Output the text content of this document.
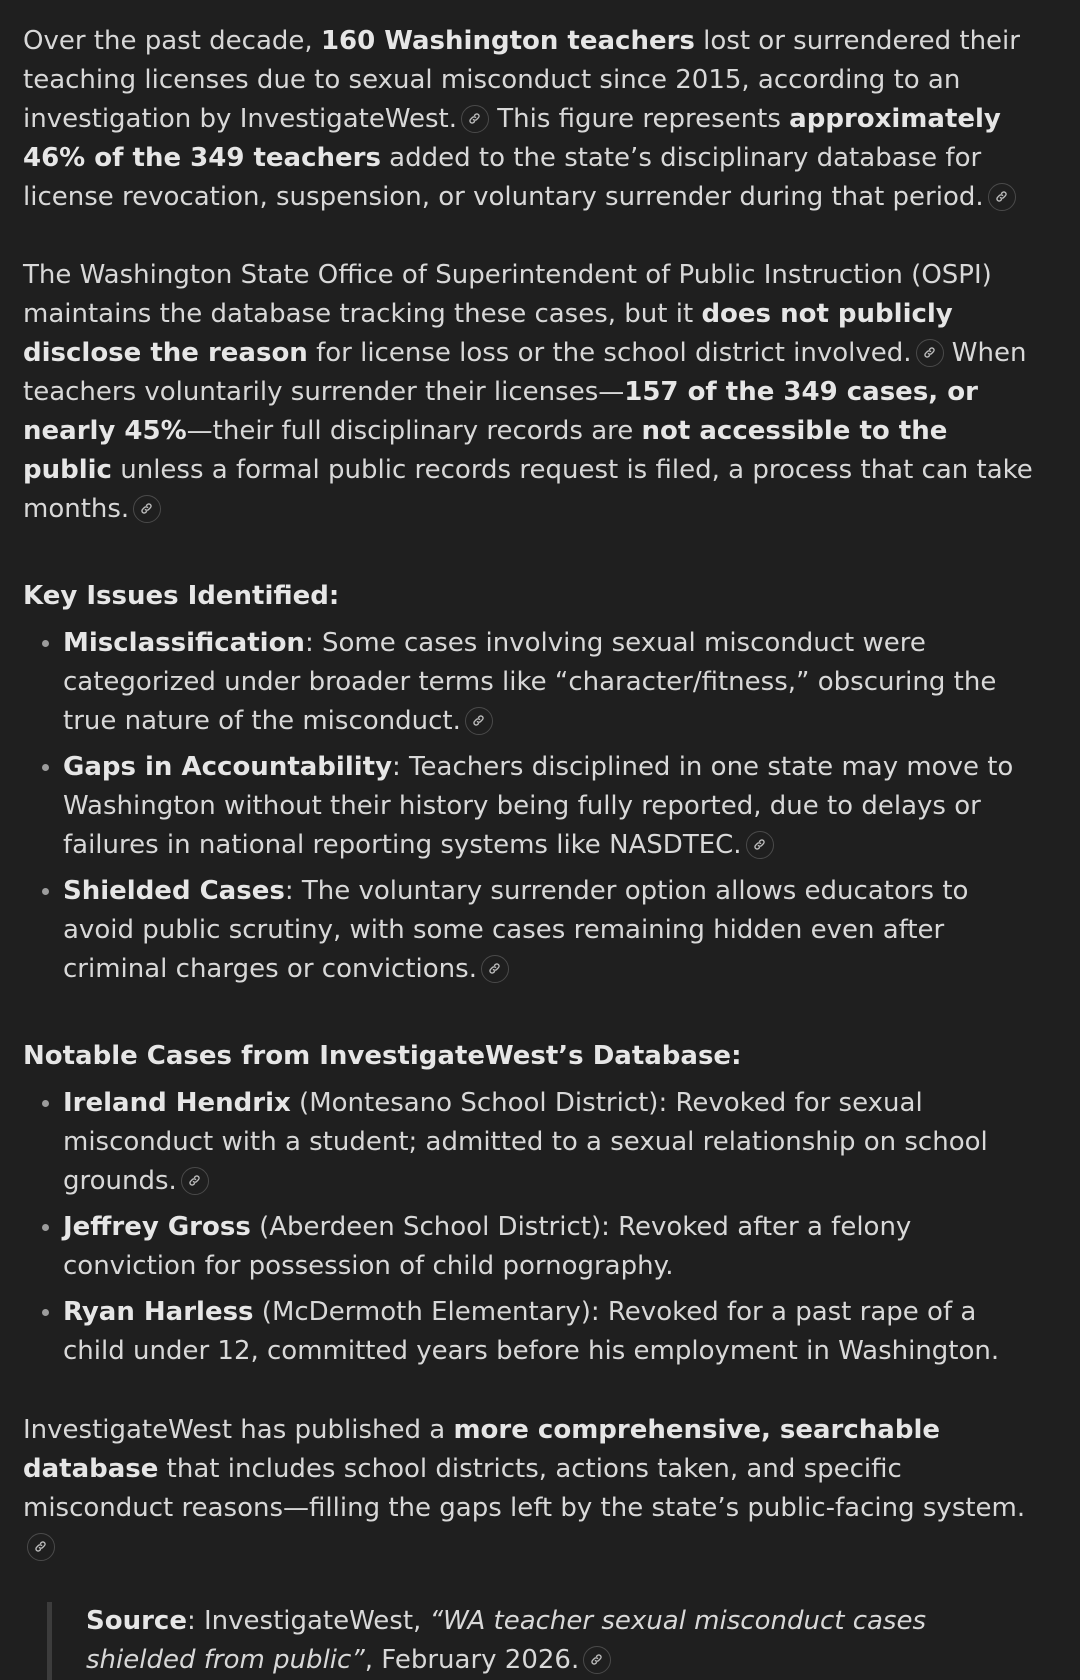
Over the past decade, 160 Washington teachers lost or surrendered their teaching licenses due to sexual misconduct since 2015, according to an investigation by InvestigateWest.
This figure represents approximately 46% of the 349 teachers added to the state’s disciplinary database for license revocation, suspension, or voluntary surrender during that period.

The Washington State Office of Superintendent of Public Instruction (OSPI) maintains the database tracking these cases, but it does not publicly disclose the reason for license loss or the school district involved.
When teachers voluntarily surrender their licenses—157 of the 349 cases, or nearly 45%—their full disciplinary records are not accessible to the public unless a formal public records request is filed, a process that can take months.

Key Issues Identified:
Misclassification: Some cases involving sexual misconduct were categorized under broader terms like “character/fitness,” obscuring the true nature of the misconduct.
Gaps in Accountability: Teachers disciplined in one state may move to Washington without their history being fully reported, due to delays or failures in national reporting systems like NASDTEC.
Shielded Cases: The voluntary surrender option allows educators to avoid public scrutiny, with some cases remaining hidden even after criminal charges or convictions.
Notable Cases from InvestigateWest’s Database:
Ireland Hendrix (Montesano School District): Revoked for sexual misconduct with a student; admitted to a sexual relationship on school grounds.
Jeffrey Gross (Aberdeen School District): Revoked after a felony conviction for possession of child pornography.
Ryan Harless (McDermoth Elementary): Revoked for a past rape of a child under 12, committed years before his employment in Washington.

InvestigateWest has published a more comprehensive, searchable database that includes school districts, actions taken, and specific misconduct reasons—filling the gaps left by the state’s public-facing system.

Source: InvestigateWest, “WA teacher sexual misconduct cases shielded from public”, February 2026.
